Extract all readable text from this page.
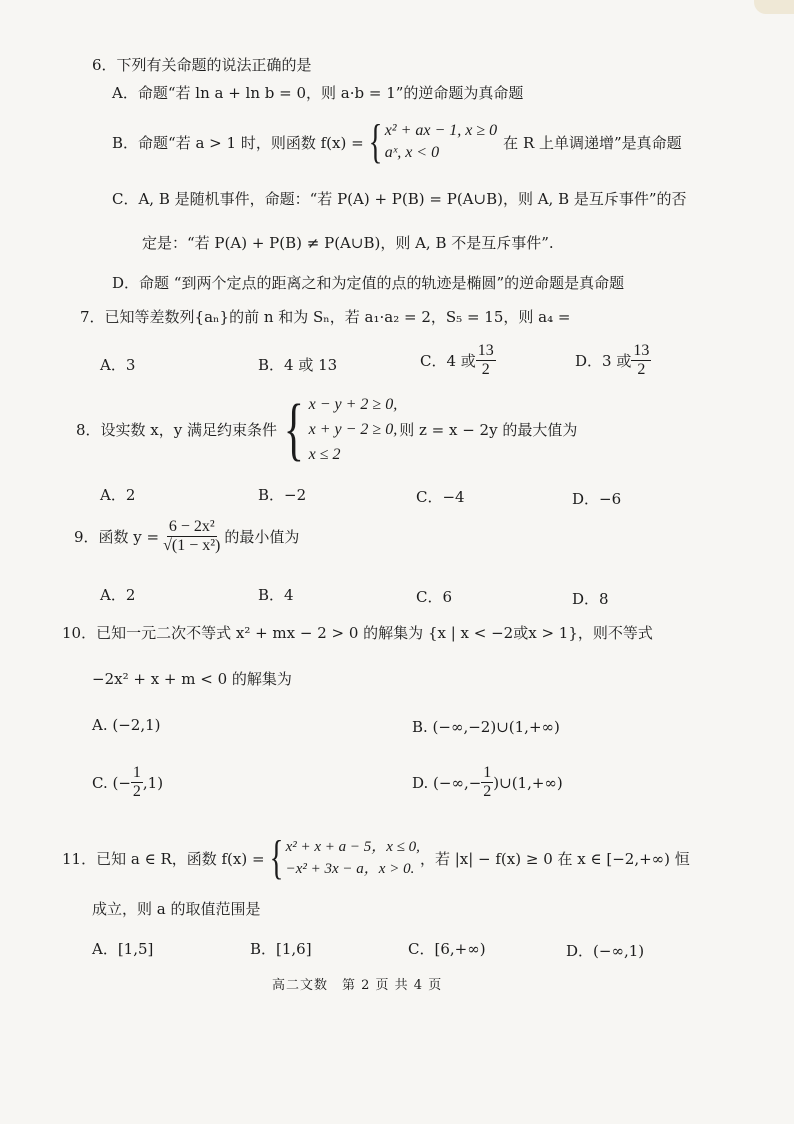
6．下列有关命题的说法正确的是
A．命题“若 ln a + ln b = 0，则 a·b = 1”的逆命题为真命题
B．命题“若 a > 1 时，则函数 f(x) = { x² + ax − 1, x ≥ 0
aˣ, x < 0
在 R 上单调递增”是真命题
C．A, B 是随机事件，命题：“若 P(A) + P(B) = P(A∪B)，则 A, B 是互斥事件”的否
定是：“若 P(A) + P(B) ≠ P(A∪B)，则 A, B 不是互斥事件”.
D．命题 “到两个定点的距离之和为定值的点的轨迹是椭圆”的逆命题是真命题
7．已知等差数列{aₙ}的前 n 和为 Sₙ，若 a₁·a₂ = 2，S₅ = 15，则 a₄ =
A．3	B．4 或 13	C．4 或 $\frac{13}{2}$	D．3 或 $\frac{13}{2}$
8．设实数 x，y 满足约束条件 { x − y + 2 ≥ 0,
x + y − 2 ≥ 0,
x ≤ 2
则 z = x − 2y 的最大值为
A．2	B．−2	C．−4	D．−6
9．函数 $y = \frac{\text{6 − 2x²}}{\text{√(1 − x²)}}$ 的最小值为
A．2	B．4	C．6	D．8
10．已知一元二次不等式 x² + mx − 2 > 0 的解集为 {x | x < −2或x > 1}，则不等式
−2x² + x + m < 0 的解集为
A. (−2,1)	B. (−∞,−2)∪(1,+∞)
C. (− $\frac{1}{2} ,1$)	D. (−∞,− $\frac{1}{2}$ )∪(1,+∞)
11．已知 a ∈ R，函数 f(x) = { x² + x + a − 5，x ≤ 0,
−x² + 3x − a，x > 0.
，若 |x| − f(x) ≥ 0 在 x ∈ [−2,+∞) 恒
成立，则 a 的取值范围是
A．[1,5]	B．[1,6]	C．[6,+∞)	D．(−∞,1)
高二文数　第 2 页 共 4 页
